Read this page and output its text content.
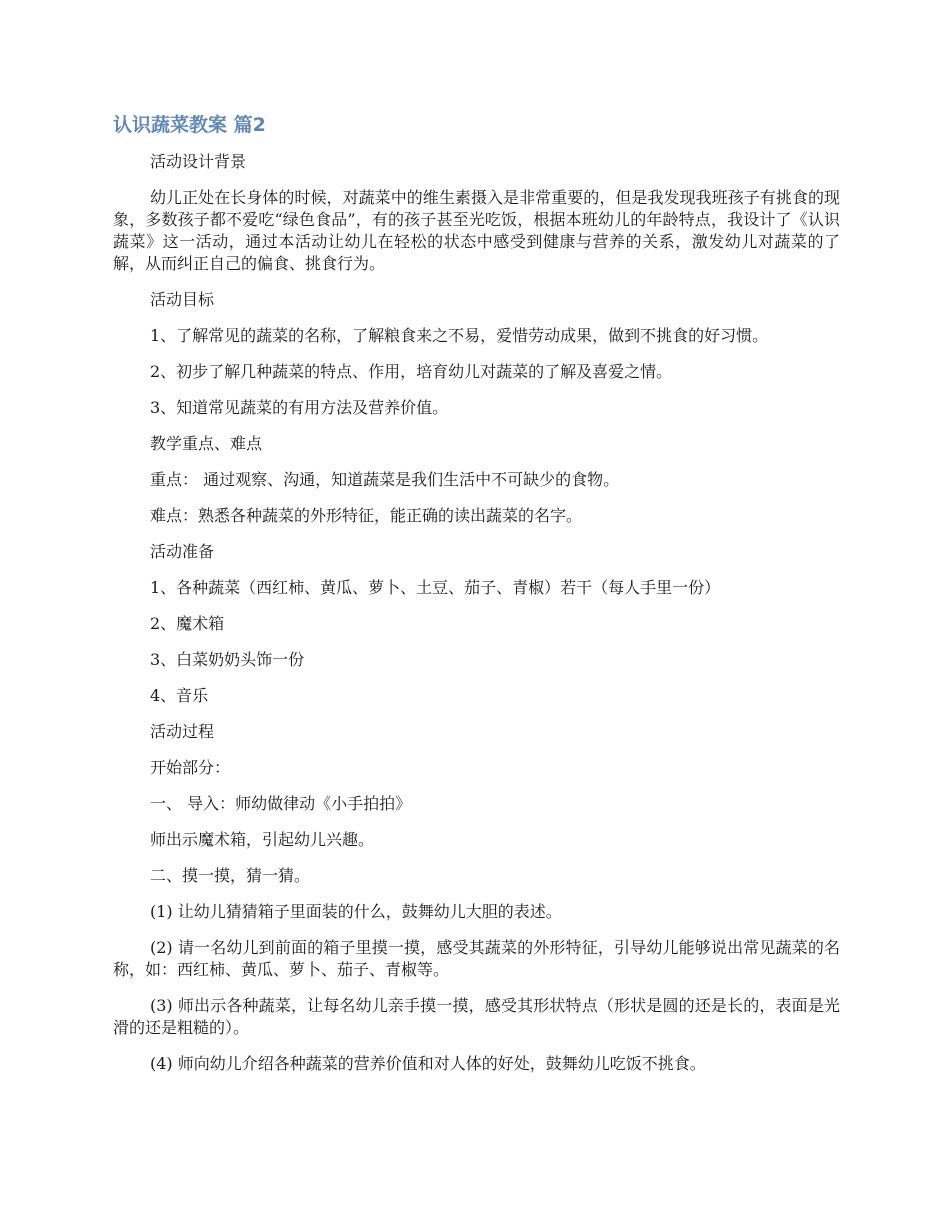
认识蔬菜教案 篇2

活动设计背景

幼儿正处在长身体的时候，对蔬菜中的维生素摄入是非常重要的，但是我发现我班孩子有挑食的现象，多数孩子都不爱吃“绿色食品”，有的孩子甚至光吃饭，根据本班幼儿的年龄特点，我设计了《认识蔬菜》这一活动，通过本活动让幼儿在轻松的状态中感受到健康与营养的关系，激发幼儿对蔬菜的了解，从而纠正自己的偏食、挑食行为。

活动目标

1、了解常见的蔬菜的名称，了解粮食来之不易，爱惜劳动成果，做到不挑食的好习惯。

2、初步了解几种蔬菜的特点、作用，培育幼儿对蔬菜的了解及喜爱之情。

3、知道常见蔬菜的有用方法及营养价值。

教学重点、难点

重点： 通过观察、沟通，知道蔬菜是我们生活中不可缺少的食物。

难点：熟悉各种蔬菜的外形特征，能正确的读出蔬菜的名字。

活动准备

1、各种蔬菜（西红柿、黄瓜、萝卜、土豆、茄子、青椒）若干（每人手里一份）

2、魔术箱

3、白菜奶奶头饰一份

4、音乐

活动过程

开始部分：

一、 导入：师幼做律动《小手拍拍》

师出示魔术箱，引起幼儿兴趣。

二、摸一摸，猜一猜。

(1) 让幼儿猜猜箱子里面装的什么，鼓舞幼儿大胆的表述。

(2) 请一名幼儿到前面的箱子里摸一摸，感受其蔬菜的外形特征，引导幼儿能够说出常见蔬菜的名称，如：西红柿、黄瓜、萝卜、茄子、青椒等。

(3) 师出示各种蔬菜，让每名幼儿亲手摸一摸，感受其形状特点（形状是圆的还是长的，表面是光滑的还是粗糙的）。

(4) 师向幼儿介绍各种蔬菜的营养价值和对人体的好处，鼓舞幼儿吃饭不挑食。
